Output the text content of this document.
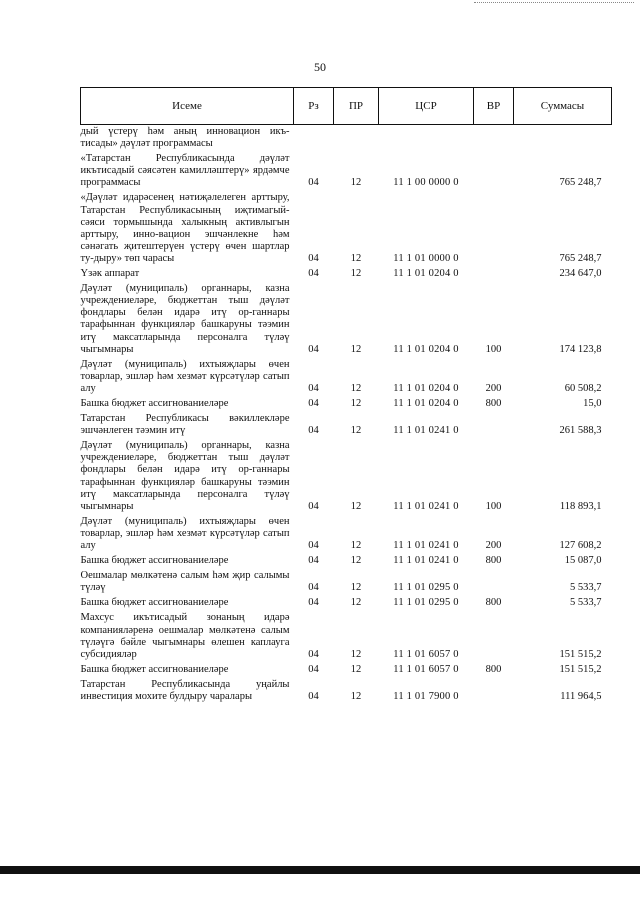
50
Исеме	Рз	ПР	ЦСР	ВР	Суммасы
дый үстерү һәм аның инновацион икъ-тисады» дәүләт программасы					
«Татарстан Республикасында дәүләт икътисадый сәясәтен камилләштерү» ярдәмче программасы	04	12	11 1 00 0000 0		765 248,7
«Дәүләт идарәсенең нәтиҗәлелеген арттыру, Татарстан Республикасының иҗтимагый-сәяси тормышында халыкның активлыгын арттыру, инно-вацион эшчәнлекне һәм сәнәгать җитештерүен үстерү өчен шартлар ту-дыру» төп чарасы	04	12	11 1 01 0000 0		765 248,7
Үзәк аппарат	04	12	11 1 01 0204 0		234 647,0
Дәүләт (муниципаль) органнары, казна учреждениеләре, бюджеттан тыш дәүләт фондлары белән идарә итү ор-ганнары тарафыннан функцияләр башкаруны тәэмин итү максатларында персоналга түләү чыгымнары	04	12	11 1 01 0204 0	100	174 123,8
Дәүләт (муниципаль) ихтыяҗлары өчен товарлар, эшләр һәм хезмәт күрсәтүләр сатып алу	04	12	11 1 01 0204 0	200	60 508,2
Башка бюджет ассигнованиеләре	04	12	11 1 01 0204 0	800	15,0
Татарстан Республикасы вәкиллекләре эшчәнлеген тәэмин итү	04	12	11 1 01 0241 0		261 588,3
Дәүләт (муниципаль) органнары, казна учреждениеләре, бюджеттан тыш дәүләт фондлары белән идарә итү ор-ганнары тарафыннан функцияләр башкаруны тәэмин итү максатларында персоналга түләү чыгымнары	04	12	11 1 01 0241 0	100	118 893,1
Дәүләт (муниципаль) ихтыяҗлары өчен товарлар, эшләр һәм хезмәт күрсәтүләр сатып алу	04	12	11 1 01 0241 0	200	127 608,2
Башка бюджет ассигнованиеләре	04	12	11 1 01 0241 0	800	15 087,0
Оешмалар мөлкәтенә салым һәм җир салымы түләү	04	12	11 1 01 0295 0		5 533,7
Башка бюджет ассигнованиеләре	04	12	11 1 01 0295 0	800	5 533,7
Махсус икътисадый зонаның идарә компанияләренә оешмалар мөлкәтенә салым түләүгә бәйле чыгымнары өлешен каплауга субсидияләр	04	12	11 1 01 6057 0		151 515,2
Башка бюджет ассигнованиеләре	04	12	11 1 01 6057 0	800	151 515,2
Татарстан Республикасында уңайлы инвестиция мохите булдыру чаралары	04	12	11 1 01 7900 0		111 964,5
